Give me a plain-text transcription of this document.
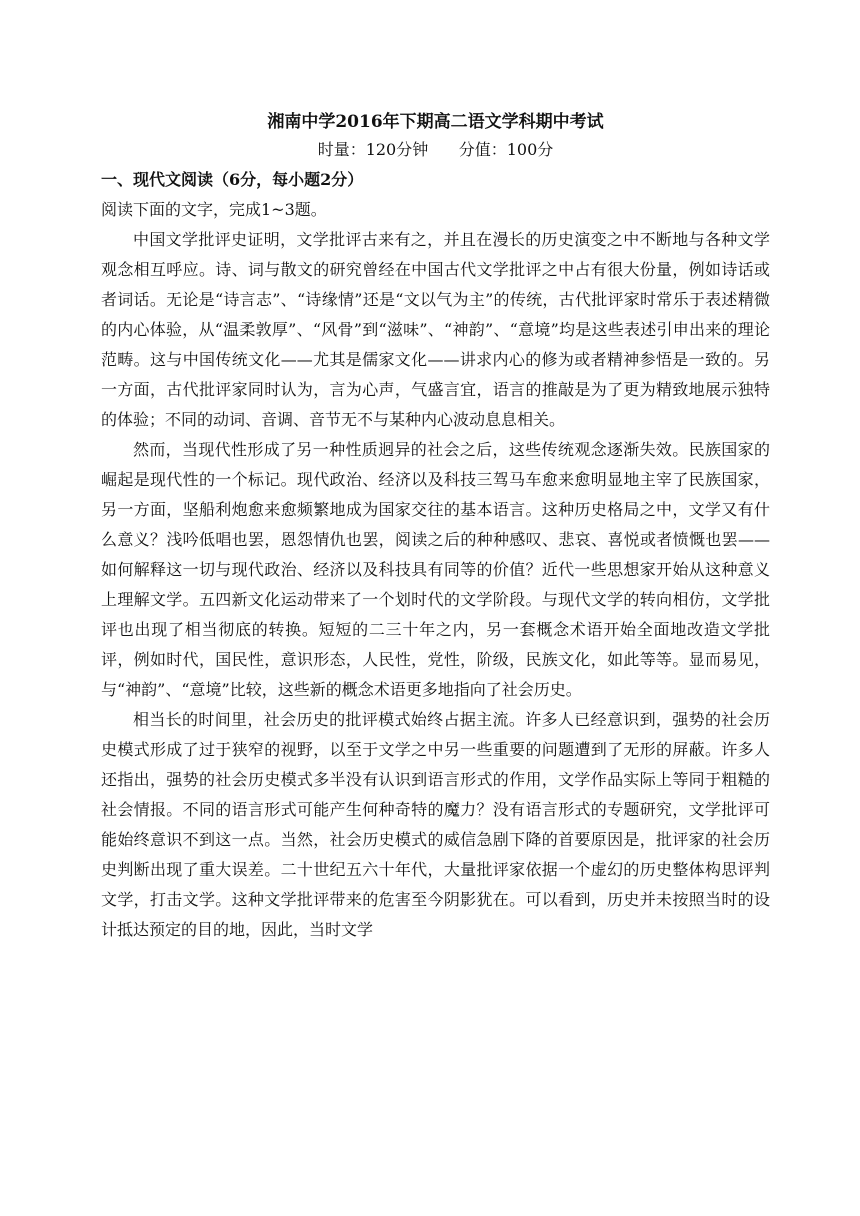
湘南中学2016年下期高二语文学科期中考试

时量：120分钟      分值：100分

一、现代文阅读（6分，每小题2分）

阅读下面的文字，完成1~3题。

中国文学批评史证明，文学批评古来有之，并且在漫长的历史演变之中不断地与各种文学观念相互呼应。诗、词与散文的研究曾经在中国古代文学批评之中占有很大份量，例如诗话或者词话。无论是“诗言志”、“诗缘情”还是“文以气为主”的传统，古代批评家时常乐于表述精微的内心体验，从“温柔敦厚”、“风骨”到“滋味”、“神韵”、“意境”均是这些表述引申出来的理论范畴。这与中国传统文化——尤其是儒家文化——讲求内心的修为或者精神参悟是一致的。另一方面，古代批评家同时认为，言为心声，气盛言宜，语言的推敲是为了更为精致地展示独特的体验；不同的动词、音调、音节无不与某种内心波动息息相关。

然而，当现代性形成了另一种性质迥异的社会之后，这些传统观念逐渐失效。民族国家的崛起是现代性的一个标记。现代政治、经济以及科技三驾马车愈来愈明显地主宰了民族国家，另一方面，坚船利炮愈来愈频繁地成为国家交往的基本语言。这种历史格局之中，文学又有什么意义？浅吟低唱也罢，恩怨情仇也罢，阅读之后的种种感叹、悲哀、喜悦或者愤慨也罢——如何解释这一切与现代政治、经济以及科技具有同等的价值？近代一些思想家开始从这种意义上理解文学。五四新文化运动带来了一个划时代的文学阶段。与现代文学的转向相仿，文学批评也出现了相当彻底的转换。短短的二三十年之内，另一套概念术语开始全面地改造文学批评，例如时代，国民性，意识形态，人民性，党性，阶级，民族文化，如此等等。显而易见，与“神韵”、“意境”比较，这些新的概念术语更多地指向了社会历史。

相当长的时间里，社会历史的批评模式始终占据主流。许多人已经意识到，强势的社会历史模式形成了过于狭窄的视野，以至于文学之中另一些重要的问题遭到了无形的屏蔽。许多人还指出，强势的社会历史模式多半没有认识到语言形式的作用，文学作品实际上等同于粗糙的社会情报。不同的语言形式可能产生何种奇特的魔力？没有语言形式的专题研究，文学批评可能始终意识不到这一点。当然，社会历史模式的威信急剧下降的首要原因是，批评家的社会历史判断出现了重大误差。二十世纪五六十年代，大量批评家依据一个虚幻的历史整体构思评判文学，打击文学。这种文学批评带来的危害至今阴影犹在。可以看到，历史并未按照当时的设计抵达预定的目的地，因此，当时文学
